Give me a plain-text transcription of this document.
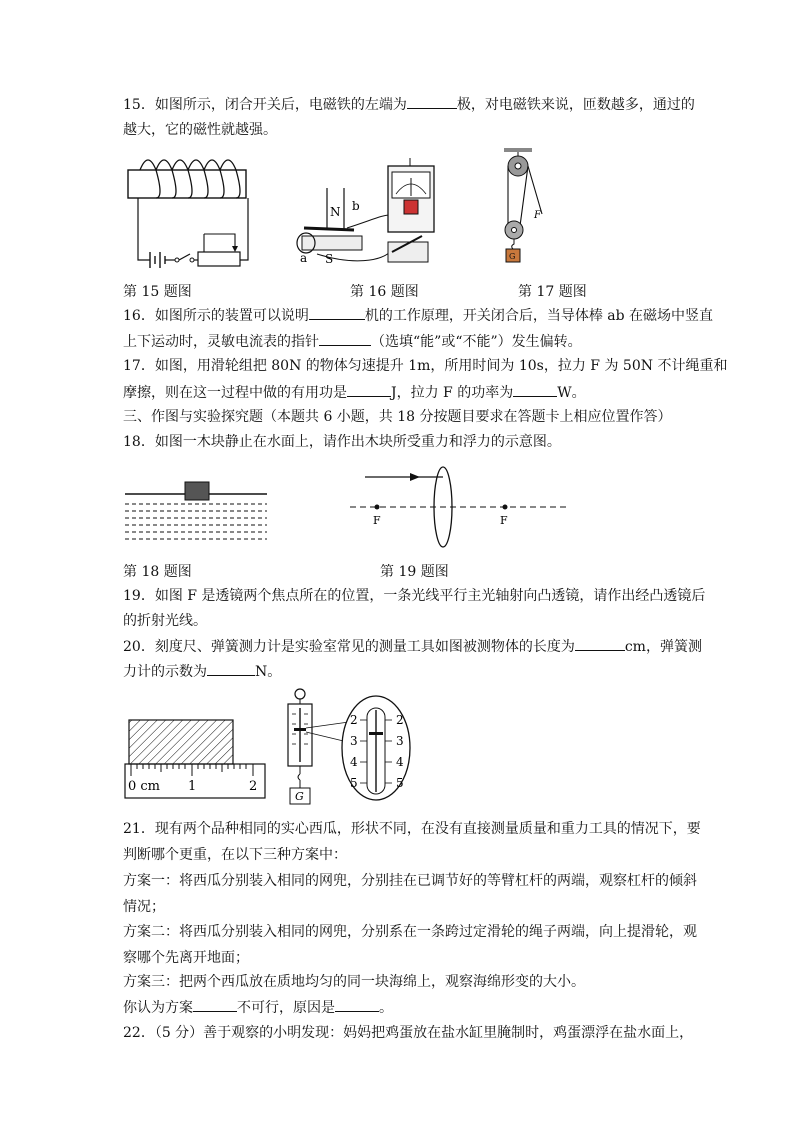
15．如图所示，闭合开关后，电磁铁的左端为	极，对电磁铁来说，匝数越多，通过的
越大，它的磁性就越强。
N b
a S
F
G
第 15 题图	第 16 题图	第 17 题图
16．如图所示的装置可以说明	机的工作原理，开关闭合后，当导体棒 ab 在磁场中竖直
上下运动时，灵敏电流表的指针	（选填“能”或“不能”）发生偏转。
17．如图，用滑轮组把 80N 的物体匀速提升 1m，所用时间为 10s，拉力 F 为 50N 不计绳重和
摩擦，则在这一过程中做的有用功是	J，拉力 F 的功率为	W。
三、作图与实验探究题（本题共 6 小题，共 18 分按题目要求在答题卡上相应位置作答）
18．如图一木块静止在水面上，请作出木块所受重力和浮力的示意图。
F	F
第 18 题图	第 19 题图
19．如图 F 是透镜两个焦点所在的位置，一条光线平行主光轴射向凸透镜，请作出经凸透镜后
的折射光线。
20．刻度尺、弹簧测力计是实验室常见的测量工具如图被测物体的长度为	cm，弹簧测
力计的示数为	N。
0 cm 1	2
G
2	2
3	3
4	4
5	5
21．现有两个品种相同的实心西瓜，形状不同，在没有直接测量质量和重力工具的情况下，要
判断哪个更重，在以下三种方案中：
方案一：将西瓜分别装入相同的网兜，分别挂在已调节好的等臂杠杆的两端，观察杠杆的倾斜
情况；
方案二：将西瓜分别装入相同的网兜，分别系在一条跨过定滑轮的绳子两端，向上提滑轮，观
察哪个先离开地面；
方案三：把两个西瓜放在质地均匀的同一块海绵上，观察海绵形变的大小。
你认为方案	不可行，原因是	。
22．（5 分）善于观察的小明发现：妈妈把鸡蛋放在盐水缸里腌制时，鸡蛋漂浮在盐水面上，
